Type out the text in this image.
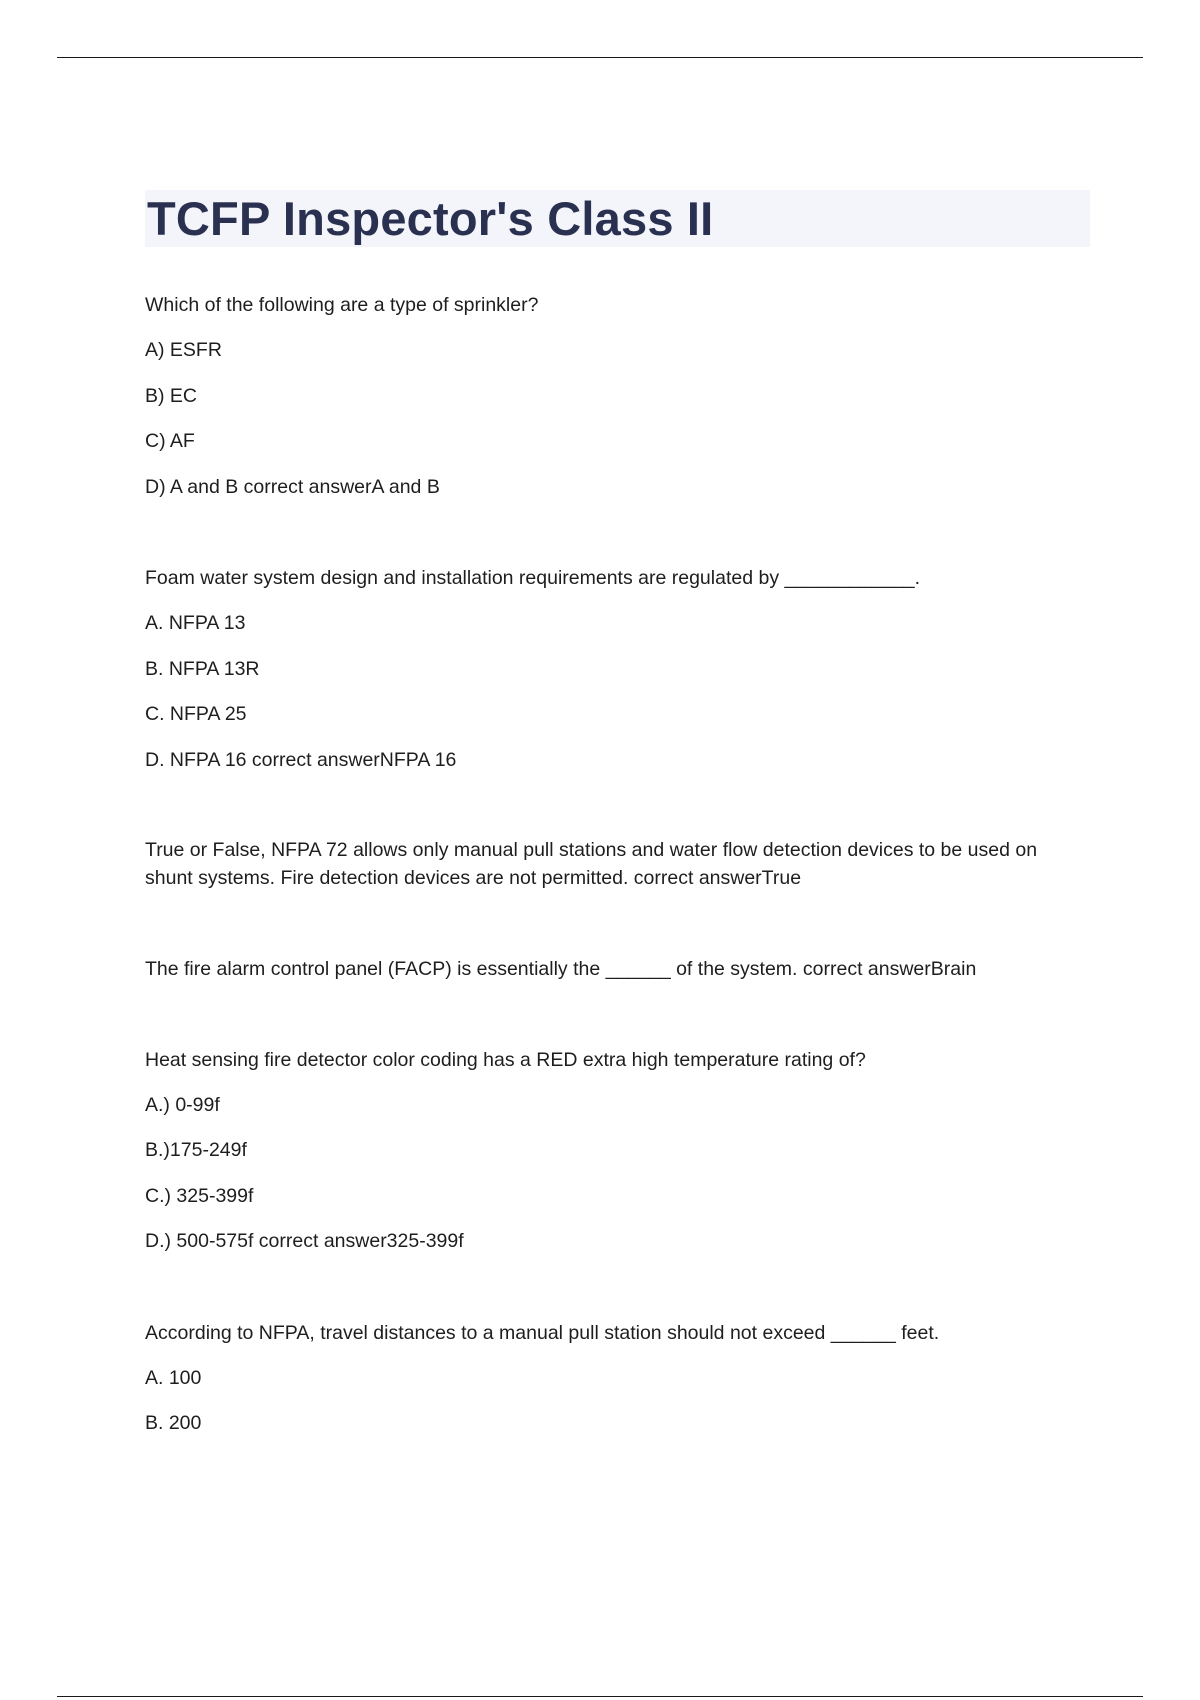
TCFP Inspector's Class II
Which of the following are a type of sprinkler?
A) ESFR
B) EC
C) AF
D) A and B correct answerA and B
Foam water system design and installation requirements are regulated by ____________.
A. NFPA 13
B. NFPA 13R
C. NFPA 25
D. NFPA 16 correct answerNFPA 16
True or False, NFPA 72 allows only manual pull stations and water flow detection devices to be used on shunt systems. Fire detection devices are not permitted. correct answerTrue
The fire alarm control panel (FACP) is essentially the ______ of the system. correct answerBrain
Heat sensing fire detector color coding has a RED extra high temperature rating of?
A.) 0-99f
B.)175-249f
C.) 325-399f
D.) 500-575f correct answer325-399f
According to NFPA, travel distances to a manual pull station should not exceed ______ feet.
A. 100
B. 200
